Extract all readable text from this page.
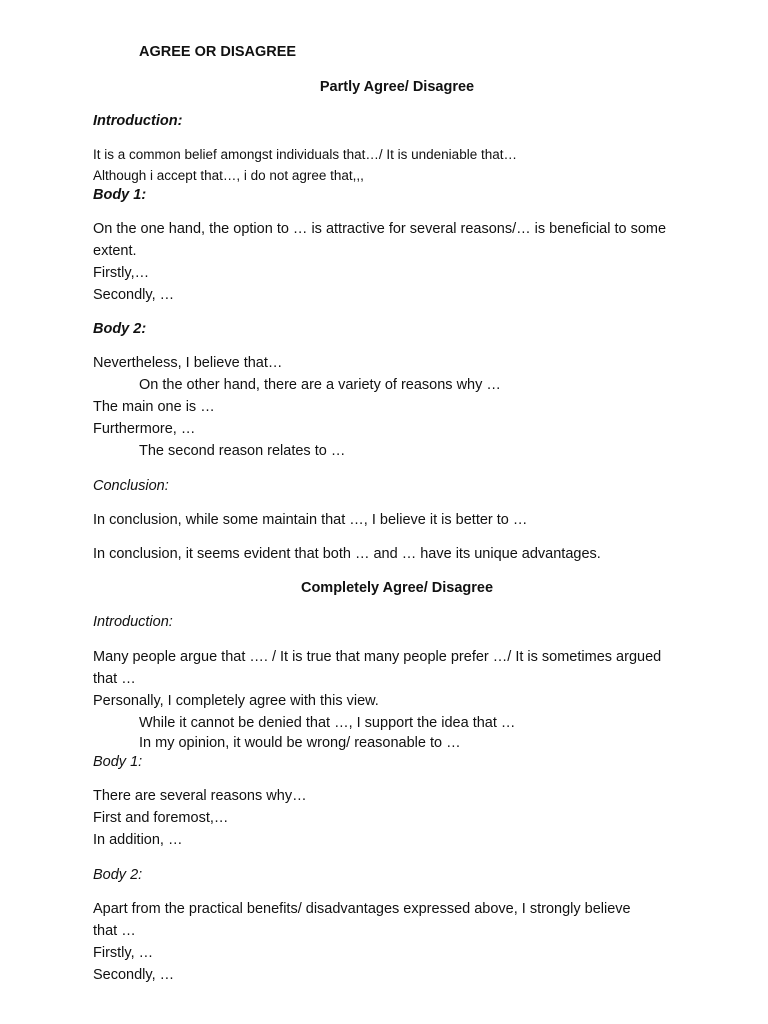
AGREE OR DISAGREE
Partly Agree/ Disagree
Introduction:
It is a common belief amongst individuals that…/ It is undeniable that…
Although i accept that…, i do not agree that,,,
Body 1:
On the one hand, the option to … is attractive for several reasons/… is beneficial to some
extent.
Firstly,…
Secondly, …
Body 2:
Nevertheless, I believe that…
On the other hand, there are a variety of reasons why …
The main one is …
Furthermore, …
The second reason relates to …
Conclusion:
In conclusion, while some maintain that …, I believe it is better to …
In conclusion, it seems evident that both … and … have its unique advantages.
Completely Agree/ Disagree
Introduction:
Many people argue that …. / It is true that many people prefer …/ It is sometimes argued
that …
Personally, I completely agree with this view.
While it cannot be denied that …, I support the idea that …
In my opinion, it would be wrong/ reasonable to …
Body 1:
There are several reasons why…
First and foremost,…
In addition, …
Body 2:
Apart from the practical benefits/ disadvantages expressed above, I strongly believe
that …
Firstly, …
Secondly, …
